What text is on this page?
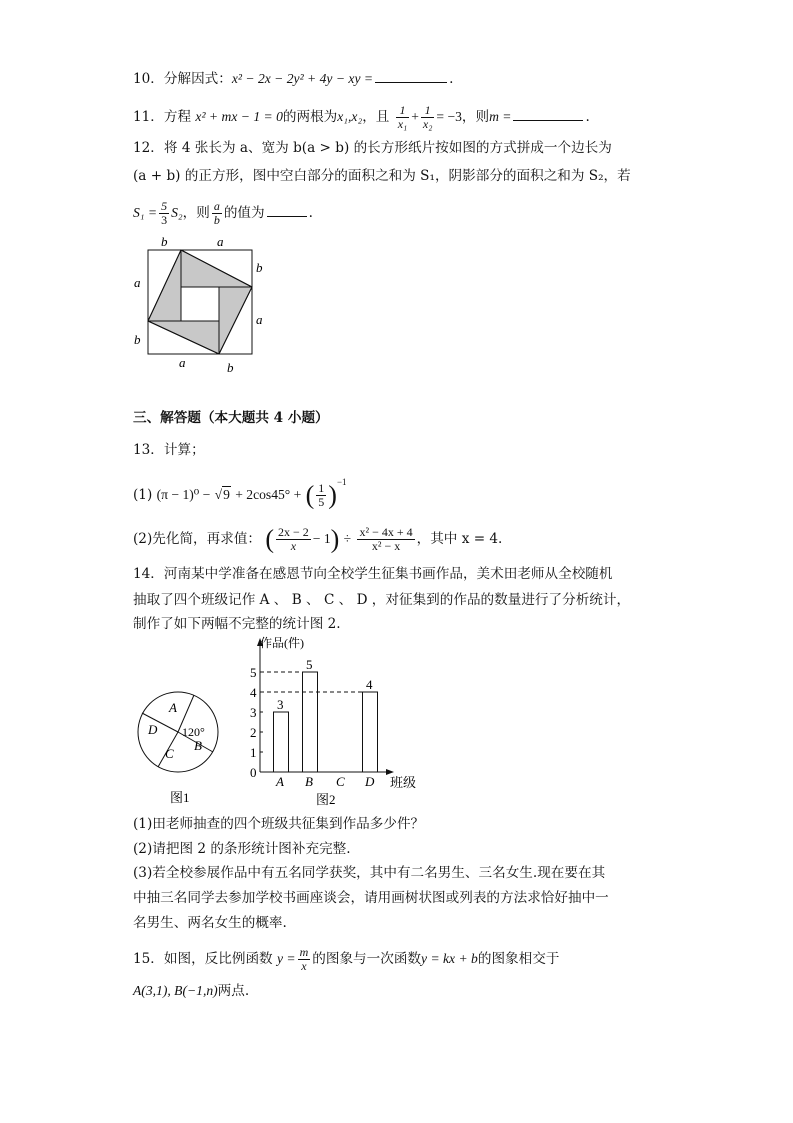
10．分解因式：x² − 2x − 2y² + 4y − xy =	.
11．方程 x² + mx − 1 = 0的两根为x₁,x₂，且 $\frac{1}{\text{x₁}} + \frac{1}{\text{x₂}} = -3$，则m =	.
12．将 4 张长为 a、宽为 b(a > b) 的长方形纸片按如图的方式拼成一个边长为
(a + b) 的正方形，图中空白部分的面积之和为 S₁，阴影部分的面积之和为 S₂，若
$S_1 = \frac{5}{3} S_2$，则 $\frac{a}{b}$ 的值为	.
b	a
b
a
a
b
a	b
三、解答题（本大题共 4 小题）
13．计算；
(1) (π − 1)⁰ − √9 + 2cos45° + ( $\frac{1}{5} )^{-1}$
(2)先化简，再求值： ( $\frac{2x - 2}{x} - 1) \div \frac{\text{x² − 4x + 4}}{\text{x² − x}}$ ，其中 x = 4.
14．河南某中学准备在感恩节向全校学生征集书画作品，美术田老师从全校随机
抽取了四个班级记作 A 、 B 、 C 、 D ，对征集到的作品的数量进行了分析统计，
制作了如下两幅不完整的统计图 2.
A
D
C
B
120°
图1
作品(件)
班级
0
1
2
3
4
5
3
5
4
A B C D
图2
(1)田老师抽查的四个班级共征集到作品多少件？
(2)请把图 2 的条形统计图补充完整.
(3)若全校参展作品中有五名同学获奖，其中有二名男生、三名女生.现在要在其
中抽三名同学去参加学校书画座谈会，请用画树状图或列表的方法求恰好抽中一
名男生、两名女生的概率.
15．如图，反比例函数 $y = \frac{m}{x}$ 的图象与一次函数y = kx + b的图象相交于
A(3,1), B(−1,n)两点.
